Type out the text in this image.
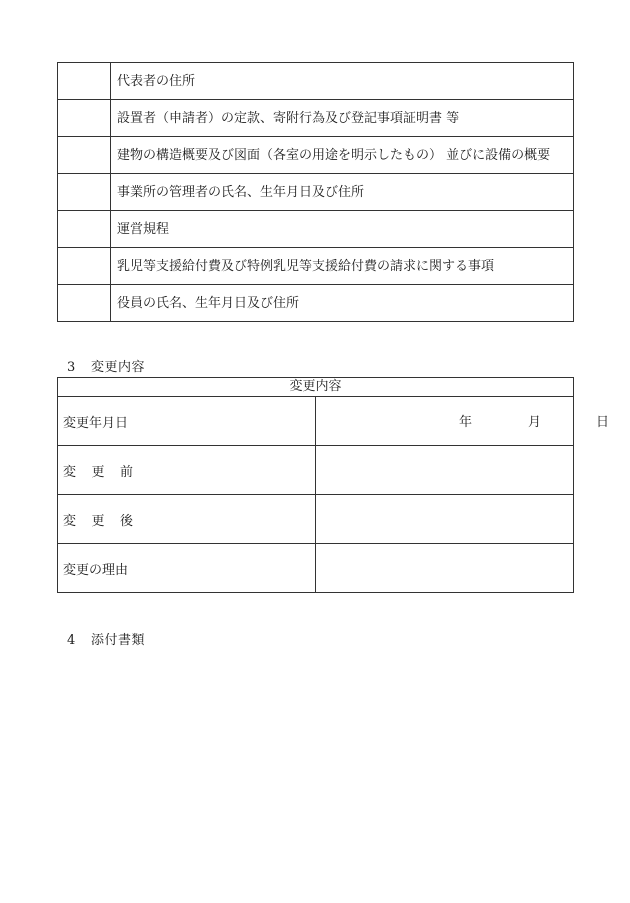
	代表者の住所
	設置者（申請者）の定款、寄附行為及び登記事項証明書 等
	建物の構造概要及び図面（各室の用途を明示したもの） 並びに設備の概要
	事業所の管理者の氏名、生年月日及び住所
	運営規程
	乳児等支援給付費及び特例乳児等支援給付費の請求に関する事項
	役員の氏名、生年月日及び住所
3 変更内容
変更内容	
変更年月日	年 月 日

変 更 前	

変 更 後	

変更の理由	
4 添付書類
